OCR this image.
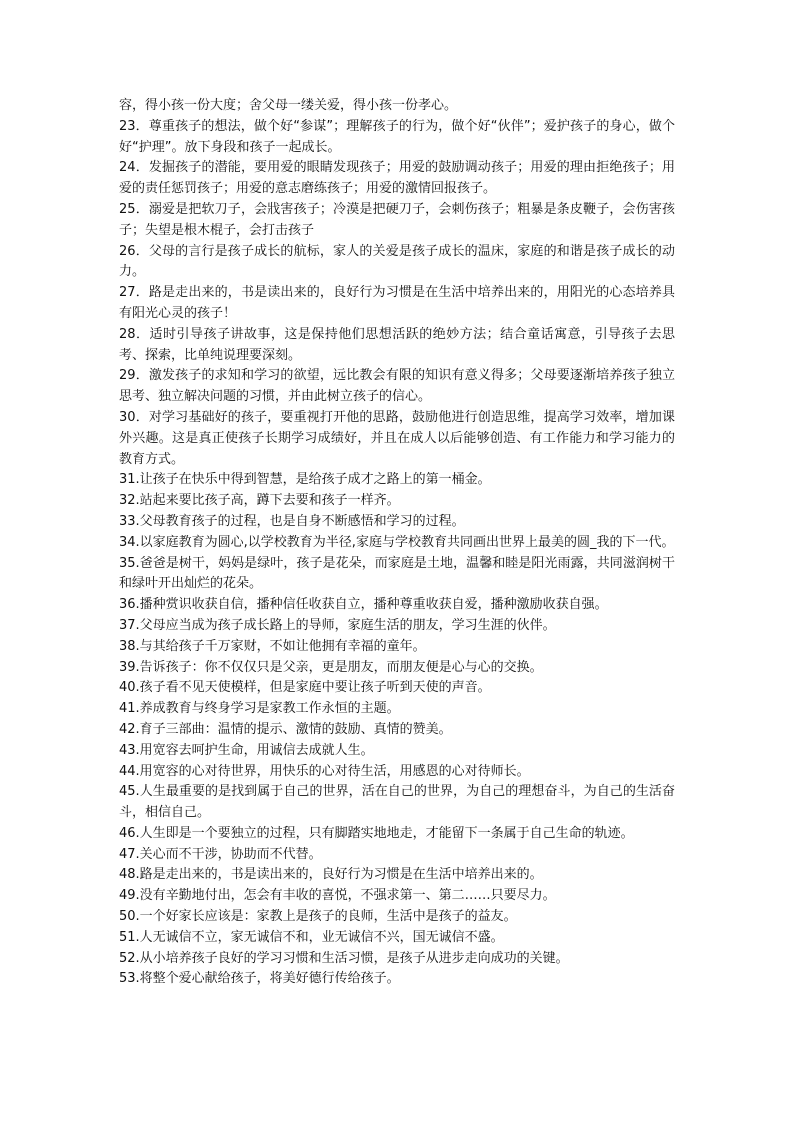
容，得小孩一份大度；舍父母一缕关爱，得小孩一份孝心。

23．尊重孩子的想法，做个好“参谋”；理解孩子的行为，做个好“伙伴”；爱护孩子的身心，做个好“护理”。放下身段和孩子一起成长。

24．发掘孩子的潜能，要用爱的眼睛发现孩子；用爱的鼓励调动孩子；用爱的理由拒绝孩子；用爱的责任惩罚孩子；用爱的意志磨练孩子；用爱的激情回报孩子。

25．溺爱是把软刀子，会戕害孩子；冷漠是把硬刀子，会刺伤孩子；粗暴是条皮鞭子，会伤害孩子；失望是根木棍子，会打击孩子

26．父母的言行是孩子成长的航标，家人的关爱是孩子成长的温床，家庭的和谐是孩子成长的动力。

27．路是走出来的，书是读出来的，良好行为习惯是在生活中培养出来的，用阳光的心态培养具有阳光心灵的孩子！

28．适时引导孩子讲故事，这是保持他们思想活跃的绝妙方法；结合童话寓意，引导孩子去思考、探索，比单纯说理要深刻。

29．激发孩子的求知和学习的欲望，远比教会有限的知识有意义得多；父母要逐渐培养孩子独立思考、独立解决问题的习惯，并由此树立孩子的信心。

30．对学习基础好的孩子，要重视打开他的思路，鼓励他进行创造思维，提高学习效率，增加课外兴趣。这是真正使孩子长期学习成绩好，并且在成人以后能够创造、有工作能力和学习能力的教育方式。

31.让孩子在快乐中得到智慧，是给孩子成才之路上的第一桶金。

32.站起来要比孩子高，蹲下去要和孩子一样齐。

33.父母教育孩子的过程，也是自身不断感悟和学习的过程。

34.以家庭教育为圆心,以学校教育为半径,家庭与学校教育共同画出世界上最美的圆_我的下一代。

35.爸爸是树干，妈妈是绿叶，孩子是花朵，而家庭是土地，温馨和睦是阳光雨露，共同滋润树干和绿叶开出灿烂的花朵。

36.播种赏识收获自信，播种信任收获自立，播种尊重收获自爱，播种激励收获自强。

37.父母应当成为孩子成长路上的导师，家庭生活的朋友，学习生涯的伙伴。

38.与其给孩子千万家财，不如让他拥有幸福的童年。

39.告诉孩子：你不仅仅只是父亲，更是朋友，而朋友便是心与心的交换。

40.孩子看不见天使模样，但是家庭中要让孩子听到天使的声音。

41.养成教育与终身学习是家教工作永恒的主题。

42.育子三部曲：温情的提示、激情的鼓励、真情的赞美。

43.用宽容去呵护生命，用诚信去成就人生。

44.用宽容的心对待世界，用快乐的心对待生活，用感恩的心对待师长。

45.人生最重要的是找到属于自己的世界，活在自己的世界，为自己的理想奋斗，为自己的生活奋斗，相信自己。

46.人生即是一个要独立的过程，只有脚踏实地地走，才能留下一条属于自己生命的轨迹。

47.关心而不干涉，协助而不代替。

48.路是走出来的，书是读出来的，良好行为习惯是在生活中培养出来的。

49.没有辛勤地付出，怎会有丰收的喜悦，不强求第一、第二……只要尽力。

50.一个好家长应该是：家教上是孩子的良师，生活中是孩子的益友。

51.人无诚信不立，家无诚信不和，业无诚信不兴，国无诚信不盛。

52.从小培养孩子良好的学习习惯和生活习惯，是孩子从进步走向成功的关键。

53.将整个爱心献给孩子，将美好德行传给孩子。
